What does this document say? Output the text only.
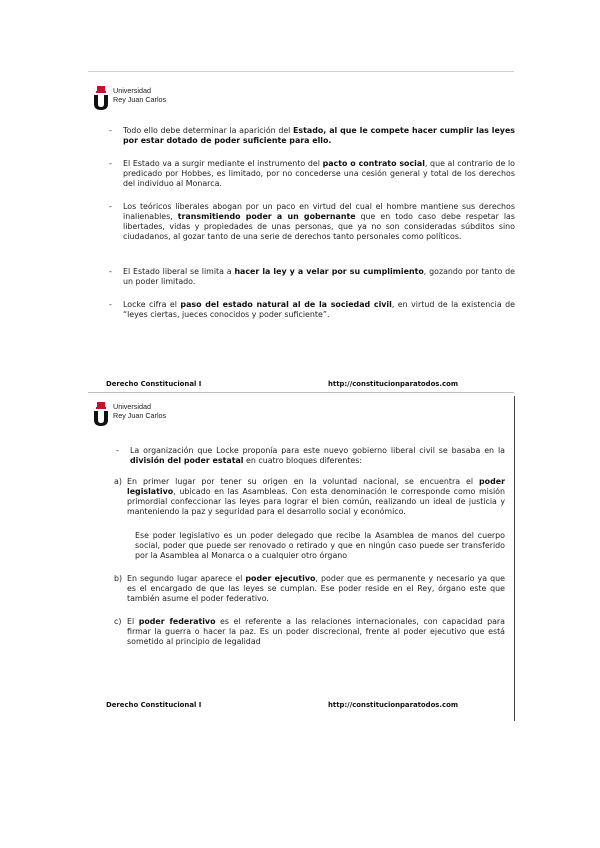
Universidad
Rey Juan Carlos
- Todo ello debe determinar la aparición del Estado, al que le compete hacer cumplir las leyes por estar dotado de poder suficiente para ello.
- El Estado va a surgir mediante el instrumento del pacto o contrato social, que al contrario de lo predicado por Hobbes, es limitado, por no concederse una cesión general y total de los derechos del individuo al Monarca.
- Los teóricos liberales abogan por un paco en virtud del cual el hombre mantiene sus derechos inalienables, transmitiendo poder a un gobernante que en todo caso debe respetar las libertades, vidas y propiedades de unas personas, que ya no son consideradas súbditos sino ciudadanos, al gozar tanto de una serie de derechos tanto personales como políticos.
- El Estado liberal se limita a hacer la ley y a velar por su cumplimiento, gozando por tanto de un poder limitado.
- Locke cifra el paso del estado natural al de la sociedad civil, en virtud de la existencia de “leyes ciertas, jueces conocidos y poder suficiente”.
Derecho Constitucional I	http://constitucionparatodos.com
Universidad
Rey Juan Carlos
- La organización que Locke proponía para este nuevo gobierno liberal civil se basaba en la división del poder estatal en cuatro bloques diferentes:
a) En primer lugar por tener su origen en la voluntad nacional, se encuentra el poder legislativo, ubicado en las Asambleas. Con esta denominación le corresponde como misión primordial confeccionar las leyes para lograr el bien común, realizando un ideal de justicia y manteniendo la paz y seguridad para el desarrollo social y económico.
Ese poder legislativo es un poder delegado que recibe la Asamblea de manos del cuerpo social, poder que puede ser renovado o retirado y que en ningún caso puede ser transferido por la Asamblea al Monarca o a cualquier otro órgano
b) En segundo lugar aparece el poder ejecutivo, poder que es permanente y necesario ya que es el encargado de que las leyes se cumplan. Ese poder reside en el Rey, órgano este que también asume el poder federativo.
c) El poder federativo es el referente a las relaciones internacionales, con capacidad para firmar la guerra o hacer la paz. Es un poder discrecional, frente al poder ejecutivo que está sometido al principio de legalidad
Derecho Constitucional I	http://constitucionparatodos.com
